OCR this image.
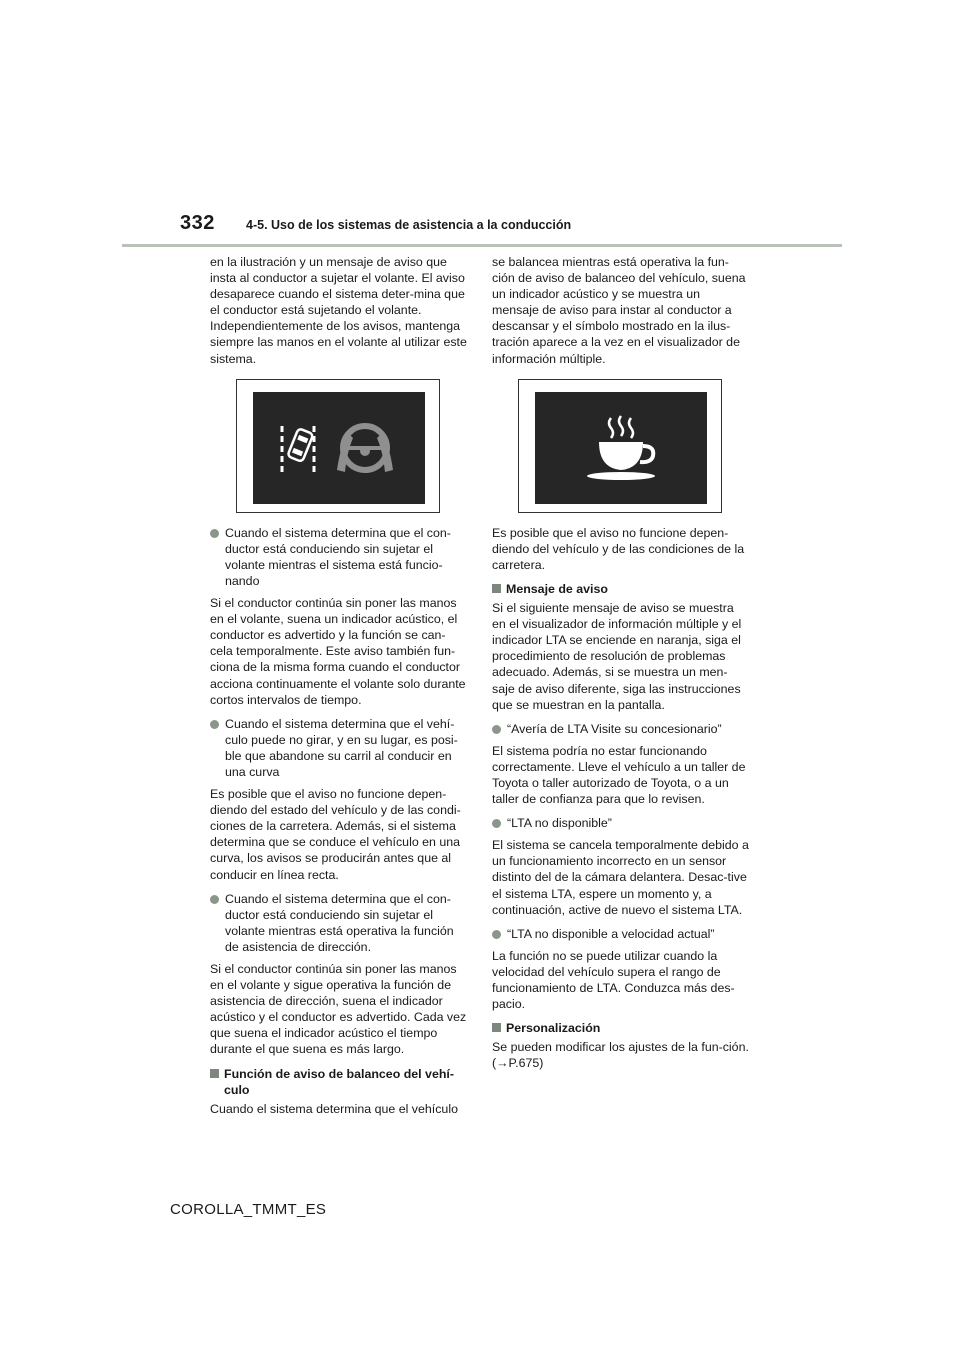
332 4-5. Uso de los sistemas de asistencia a la conducción

en la ilustración y un mensaje de aviso que insta al conductor a sujetar el volante. El aviso desaparece cuando el sistema deter-mina que el conductor está sujetando el volante. Independientemente de los avisos, mantenga siempre las manos en el volante al utilizar este sistema.

Cuando el sistema determina que el con-ductor está conduciendo sin sujetar el volante mientras el sistema está funcio-nando

Si el conductor continúa sin poner las manos en el volante, suena un indicador acústico, el conductor es advertido y la función se can-cela temporalmente. Este aviso también fun-ciona de la misma forma cuando el conductor acciona continuamente el volante solo durante cortos intervalos de tiempo.

Cuando el sistema determina que el vehí-culo puede no girar, y en su lugar, es posi-ble que abandone su carril al conducir en una curva

Es posible que el aviso no funcione depen-diendo del estado del vehículo y de las condi-ciones de la carretera. Además, si el sistema determina que se conduce el vehículo en una curva, los avisos se producirán antes que al conducir en línea recta.

Cuando el sistema determina que el con-ductor está conduciendo sin sujetar el volante mientras está operativa la función de asistencia de dirección.

Si el conductor continúa sin poner las manos en el volante y sigue operativa la función de asistencia de dirección, suena el indicador acústico y el conductor es advertido. Cada vez que suena el indicador acústico el tiempo durante el que suena es más largo.

Función de aviso de balanceo del vehí-culo

Cuando el sistema determina que el vehículo

se balancea mientras está operativa la fun-ción de aviso de balanceo del vehículo, suena un indicador acústico y se muestra un mensaje de aviso para instar al conductor a descansar y el símbolo mostrado en la ilus-tración aparece a la vez en el visualizador de información múltiple.

Es posible que el aviso no funcione depen-diendo del vehículo y de las condiciones de la carretera.

Mensaje de aviso

Si el siguiente mensaje de aviso se muestra en el visualizador de información múltiple y el indicador LTA se enciende en naranja, siga el procedimiento de resolución de problemas adecuado. Además, si se muestra un men-saje de aviso diferente, siga las instrucciones que se muestran en la pantalla.

“Avería de LTA Visite su concesionario”

El sistema podría no estar funcionando correctamente. Lleve el vehículo a un taller de Toyota o taller autorizado de Toyota, o a un taller de confianza para que lo revisen.

“LTA no disponible”

El sistema se cancela temporalmente debido a un funcionamiento incorrecto en un sensor distinto del de la cámara delantera. Desac-tive el sistema LTA, espere un momento y, a continuación, active de nuevo el sistema LTA.

“LTA no disponible a velocidad actual”

La función no se puede utilizar cuando la velocidad del vehículo supera el rango de funcionamiento de LTA. Conduzca más des-pacio.

Personalización

Se pueden modificar los ajustes de la fun-ción. (→P.675)

COROLLA_TMMT_ES
